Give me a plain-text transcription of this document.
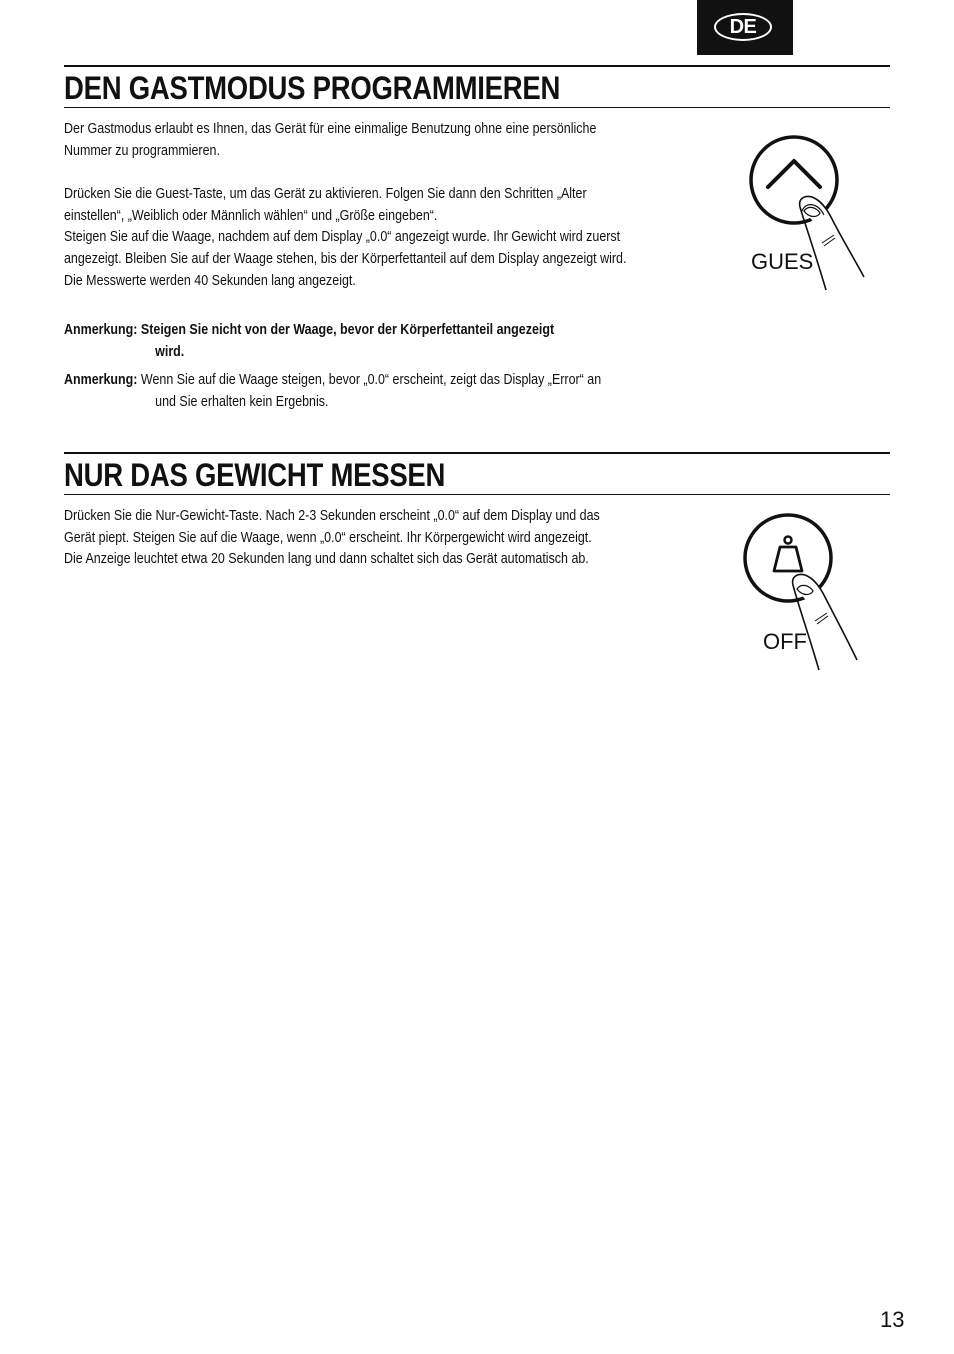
DE
DEN GASTMODUS PROGRAMMIEREN

Der Gastmodus erlaubt es Ihnen, das Gerät für eine einmalige Benutzung ohne eine persönliche
Nummer zu programmieren.

Drücken Sie die Guest-Taste, um das Gerät zu aktivieren. Folgen Sie dann den Schritten „Alter
einstellen“, „Weiblich oder Männlich wählen“ und „Größe eingeben“.
Steigen Sie auf die Waage, nachdem auf dem Display „0.0“ angezeigt wurde. Ihr Gewicht wird zuerst
angezeigt. Bleiben Sie auf der Waage stehen, bis der Körperfettanteil auf dem Display angezeigt wird.
Die Messwerte werden 40 Sekunden lang angezeigt.

Anmerkung: Steigen Sie nicht von der Waage, bevor der Körperfettanteil angezeigt
wird.
Anmerkung: Wenn Sie auf die Waage steigen, bevor „0.0“ erscheint, zeigt das Display „Error“ an
und Sie erhalten kein Ergebnis.
GUES
NUR DAS GEWICHT MESSEN

Drücken Sie die Nur-Gewicht-Taste. Nach 2-3 Sekunden erscheint „0.0“ auf dem Display und das
Gerät piept. Steigen Sie auf die Waage, wenn „0.0“ erscheint. Ihr Körpergewicht wird angezeigt.
Die Anzeige leuchtet etwa 20 Sekunden lang und dann schaltet sich das Gerät automatisch ab.

OFF
13
